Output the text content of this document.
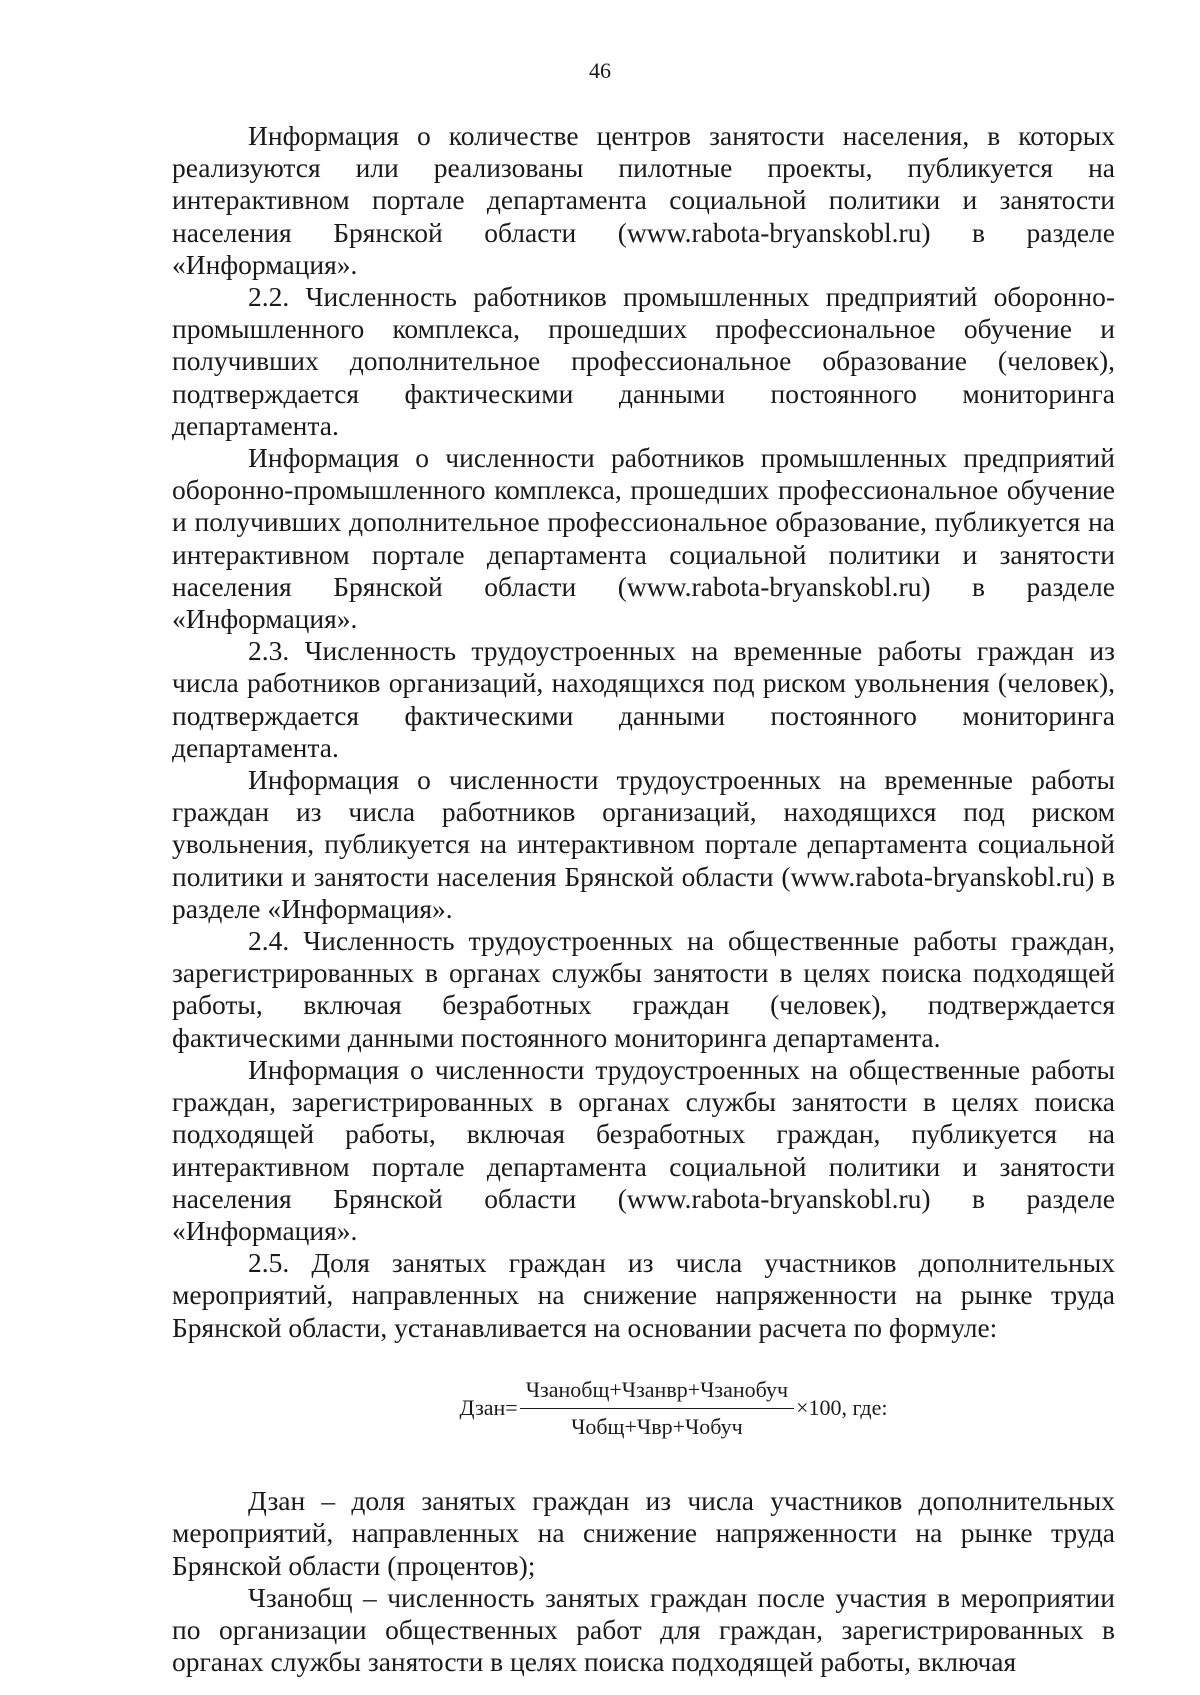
46

Информация о количестве центров занятости населения, в которых реализуются или реализованы пилотные проекты, публикуется на интерактивном портале департамента социальной политики и занятости населения Брянской области (www.rabota-bryanskobl.ru) в разделе «Информация».

2.2. Численность работников промышленных предприятий оборонно-промышленного комплекса, прошедших профессиональное обучение и получивших дополнительное профессиональное образование (человек), подтверждается фактическими данными постоянного мониторинга департамента.

Информация о численности работников промышленных предприятий оборонно-промышленного комплекса, прошедших профессиональное обучение и получивших дополнительное профессиональное образование, публикуется на интерактивном портале департамента социальной политики и занятости населения Брянской области (www.rabota-bryanskobl.ru) в разделе «Информация».

2.3. Численность трудоустроенных на временные работы граждан из числа работников организаций, находящихся под риском увольнения (человек), подтверждается фактическими данными постоянного мониторинга департамента.

Информация о численности трудоустроенных на временные работы граждан из числа работников организаций, находящихся под риском увольнения, публикуется на интерактивном портале департамента социальной политики и занятости населения Брянской области (www.rabota-bryanskobl.ru) в разделе «Информация».

2.4. Численность трудоустроенных на общественные работы граждан, зарегистрированных в органах службы занятости в целях поиска подходящей работы, включая безработных граждан (человек), подтверждается фактическими данными постоянного мониторинга департамента.

Информация о численности трудоустроенных на общественные работы граждан, зарегистрированных в органах службы занятости в целях поиска подходящей работы, включая безработных граждан, публикуется на интерактивном портале департамента социальной политики и занятости населения Брянской области (www.rabota-bryanskobl.ru) в разделе «Информация».

2.5. Доля занятых граждан из числа участников дополнительных мероприятий, направленных на снижение напряженности на рынке труда Брянской области, устанавливается на основании расчета по формуле:

Дзан= $\frac{\text{Чзанобщ+Чзанвр+Чзанобуч}}{\text{Чобщ+Чвр+Чобуч}} \times 100$, где:

Дзан – доля занятых граждан из числа участников дополнительных мероприятий, направленных на снижение напряженности на рынке труда Брянской области (процентов);

Чзанобщ – численность занятых граждан после участия в мероприятии по организации общественных работ для граждан, зарегистрированных в органах службы занятости в целях поиска подходящей работы, включая
